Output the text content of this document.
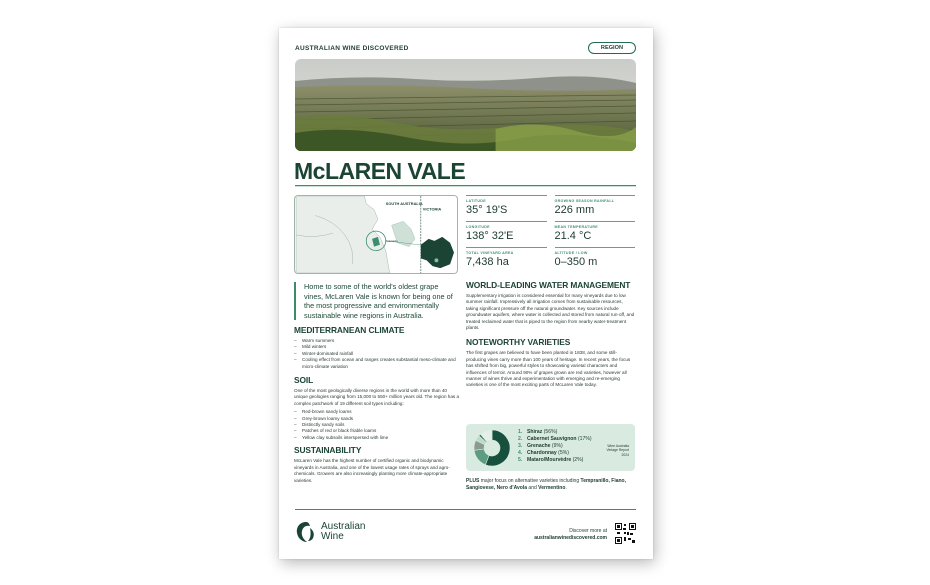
AUSTRALIAN WINE DISCOVERED	REGION
McLAREN VALE
SOUTH AUSTRALIA
VICTORIA
Adelaide
LATITUDE
35° 19'S
GROWING SEASON RAINFALL
226 mm
LONGITUDE
138° 32'E
MEAN TEMPERATURE
21.4 °C
TOTAL VINEYARD AREA
7,438 ha
ALTITUDE / LOW
0–350 m
Home to some of the world's oldest grape vines, McLaren Vale is known for being one of the most progressive and environmentally sustainable wine regions in Australia.
MEDITERRANEAN CLIMATE
– Warm summers
– Mild winters
– Winter-dominated rainfall
– Cooling effect from ocean and ranges creates substantial meso-climate and micro-climate variation
SOIL

One of the most geologically diverse regions in the world with more than 40 unique geologies ranging from 15,000 to 550+ million years old. The region has a complex patchwork of 19 different soil types including:

– Red-brown sandy loams
– Grey-brown loamy sands
– Distinctly sandy soils
– Patches of red or black friable loams
– Yellow clay subsoils interspersed with lime
SUSTAINABILITY

McLaren Vale has the highest number of certified organic and biodynamic vineyards in Australia, and one of the lowest usage rates of sprays and agro-chemicals. Growers are also increasingly planting more climate-appropriate varieties.

WORLD-LEADING WATER MANAGEMENT

Supplementary irrigation is considered essential for many vineyards due to low summer rainfall. Impressively all irrigation comes from sustainable resources, taking significant pressure off the natural groundwater. Key sources include groundwater aquifers, where water is collected and stored from natural run-off, and treated reclaimed water that is piped to the region from nearby water-treatment plants.

NOTEWORTHY VARIETIES

The first grapes are believed to have been planted in 1838, and some still-producing vines carry more than 100 years of heritage. In recent years, the focus has shifted from big, powerful styles to showcasing varietal characters and influences of terroir. Around 90% of grapes grown are red varieties, however all manner of wines thrive and experimentation with emerging and re-emerging varieties is one of the most exciting parts of McLaren Vale today.

1. Shiraz (56%)
2. Cabernet Sauvignon (17%)
3. Grenache (9%)
4. Chardonnay (5%)
5. Mataro/Mourvèdre (2%)
Wine Australia Vintage Report 2024
PLUS major focus on alternative varieties including Tempranillo, Fiano, Sangiovese, Nero d'Avola and Vermentino.
Australian
Wine	Discover more at
australianwinediscovered.com
